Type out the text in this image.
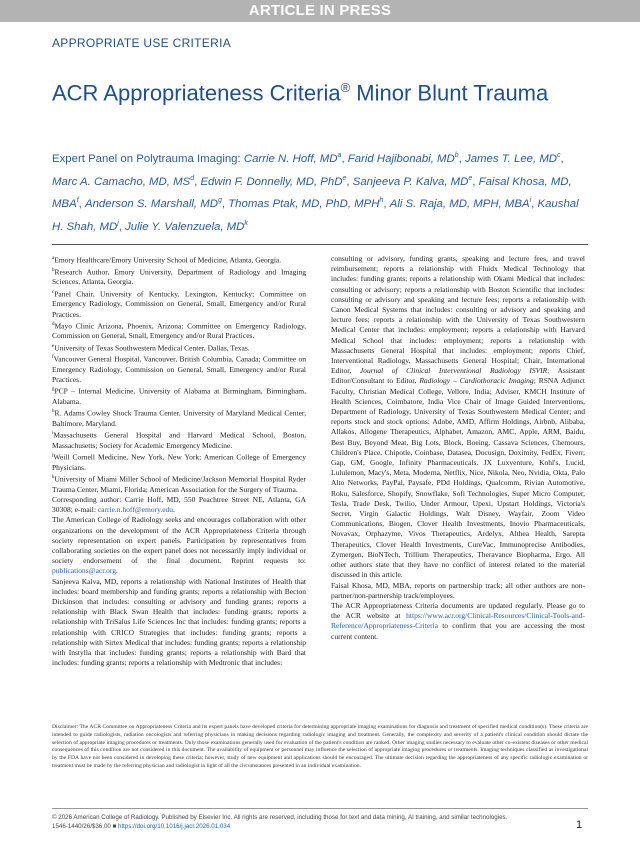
ARTICLE IN PRESS
APPROPRIATE USE CRITERIA
ACR Appropriateness Criteria® Minor Blunt Trauma
Expert Panel on Polytrauma Imaging: Carrie N. Hoff, $MD^a$, Farid Hajibonabi, $MD^b$, James T. Lee, $MD^c$, Marc A. Camacho, MD, $MS^d$, Edwin F. Donnelly, MD, PhD$^e$, Sanjeeva P. Kalva, MDe, Faisal Khosa, MD, MBA$^f$, Anderson S. Marshall, $MD^g$, Thomas Ptak, MD, PhD, MPH$^h$, Ali S. Raja, MD, MPH, MBA$^i$, Kaushal H. Shah, $MD^j$, Julie Y. Valenzuela, $MD^k$

$^a$Emory Healthcare/Emory University School of Medicine, Atlanta, Georgia.

$^b$Research Author, Emory University, Department of Radiology and Imaging Sciences, Atlanta, Georgia.

$^c$Panel Chair, University of Kentucky, Lexington, Kentucky; Committee on Emergency Radiology, Commission on General, Small, Emergency and/or Rural Practices.

$^d$Mayo Clinic Arizona, Phoenix, Arizona; Committee on Emergency Radiology, Commission on General, Small, Emergency and/or Rural Practices.

$^e$University of Texas Southwestern Medical Center, Dallas, Texas.

$^f$Vancouver General Hospital, Vancouver, British Columbia, Canada; Committee on Emergency Radiology, Commission on General, Small, Emergency and/or Rural Practices.

$^g$PCP – Internal Medicine, University of Alabama at Birmingham, Birmingham, Alabama.

$^h$R. Adams Cowley Shock Trauma Center, University of Maryland Medical Center, Baltimore, Maryland.

$^i$Massachusetts General Hospital and Harvard Medical School, Boston, Massachusetts; Society for Academic Emergency Medicine.

$^j$Weill Cornell Medicine, New York, New York; American College of Emergency Physicians.

$^k$University of Miami Miller School of Medicine/Jackson Memorial Hospital Ryder Trauma Center, Miami, Florida; American Association for the Surgery of Trauma.

Corresponding author: Carrie Hoff, MD, 550 Peachtree Street NE, Atlanta, GA 30308; e-mail: carrie.n.hoff@emory.edu.

The American College of Radiology seeks and encourages collaboration with other organizations on the development of the ACR Appropriateness Criteria through society representation on expert panels. Participation by representatives from collaborating societies on the expert panel does not necessarily imply individual or society endorsement of the final document. Reprint requests to: publications@acr.org.

Sanjeeva Kalva, MD, reports a relationship with National Institutes of Health that includes: board membership and funding grants; reports a relationship with Becton Dickinson that includes: consulting or advisory and funding grants; reports a relationship with Black Swan Health that includes: funding grants; reports a relationship with TriSalus Life Sciences Inc that includes: funding grants; reports a relationship with CRICO Strategies that includes: funding grants; reports a relationship with Sirtex Medical that includes: funding grants; reports a relationship with Instylla that includes: funding grants; reports a relationship with Bard that includes: funding grants; reports a relationship with Medtronic that includes:

consulting or advisory, funding grants, speaking and lecture fees, and travel reimbursement; reports a relationship with Fluidx Medical Technology that includes: funding grants; reports a relationship with Okami Medical that includes: consulting or advisory; reports a relationship with Boston Scientific that includes: consulting or advisory and speaking and lecture fees; reports a relationship with Canon Medical Systems that includes: consulting or advisory and speaking and lecture fees; reports a relationship with the University of Texas Southwestern Medical Center that includes: employment; reports a relationship with Harvard Medical School that includes: employment; reports a relationship with Massachusetts General Hospital that includes: employment; reports Chief, Interventional Radiology, Massachusetts General Hospital; Chair, International Editor, Journal of Clinical Interventional Radiology ISVIR; Assistant Editor/Consultant to Editor, Radiology – Cardiothoracic Imaging; RSNA Adjunct Faculty, Christian Medical College, Vellore, India; Adviser, KMCH Institute of Health Sciences, Coimbatore, India Vice Chair of Image Guided Interventions, Department of Radiology, University of Texas Southwestern Medical Center; and reports stock and stock options: Adobe, AMD, Affirm Holdings, Airbnb, Alibaba, Allakos, Allogene Therapeutics, Alphabet, Amazon, AMC, Apple, ARM, Baidu, Best Buy, Beyond Meat, Big Lots, Block, Boeing, Cassava Sciences, Chemours, Children's Place, Chipotle, Coinbase, Datasea, Docusign, Doximity, FedEx, Fiverr, Gap, GM, Google, Infinity Pharmaceuticals, JX Luxventure, Kohl's, Lucid, Lululemon, Macy's, Meta, Moderna, Netflix, Nice, Nikola, Neo, Nvidia, Okta, Palo Alto Networks, PayPal, Paysafe, PDd Holdings, Qualcomm, Rivian Automotive, Roku, Salesforce, Shopify, Snowflake, Sofi Technologies, Super Micro Computer, Tesla, Trade Desk, Twilio, Under Armour, Upexi, Upstart Holdings, Victoria's Secret, Virgin Galactic Holdings, Walt Disney, Wayfair, Zoom Video Communications, Biogen, Clover Health Investments, Inovio Pharmaceuticals, Novavax, Orphazyme, Vivos Therapeutics, Ardelyx, Althea Health, Sarepta Therapeutics, Clover Health Investments, CureVac, Immunoprecise Antibodies, Zymergen, BioNTech, Trillium Therapeutics, Theravance Biopharma, Ergo. All other authors state that they have no conflict of interest related to the material discussed in this article.

Faisal Khosa, MD, MBA, reports on partnership track; all other authors are non-partner/non-partnership track/employees.

The ACR Appropriateness Criteria documents are updated regularly. Please go to the ACR website at https://www.acr.org/Clinical-Resources/Clinical-Tools-and-Reference/Appropriateness-Criteria to confirm that you are accessing the most current content.

Disclaimer: The ACR Committee on Appropriateness Criteria and its expert panels have developed criteria for determining appropriate imaging examinations for diagnosis and treatment of specified medical condition(s). These criteria are intended to guide radiologists, radiation oncologists and referring physicians in making decisions regarding radiologic imaging and treatment. Generally, the complexity and severity of a patient's clinical condition should dictate the selection of appropriate imaging procedures or treatments. Only those examinations generally used for evaluation of the patient's condition are ranked. Other imaging studies necessary to evaluate other co-existent diseases or other medical consequences of this condition are not considered in this document. The availability of equipment or personnel may influence the selection of appropriate imaging procedures or treatments. Imaging techniques classified as investigational by the FDA have not been considered in developing these criteria; however, study of new equipment and applications should be encouraged. The ultimate decision regarding the appropriateness of any specific radiologic examination or treatment must be made by the referring physician and radiologist in light of all the circumstances presented in an individual examination.
© 2026 American College of Radiology. Published by Elsevier Inc. All rights are reserved, including those for text and data mining, AI training, and similar technologies.
1546-1440/26/$36.00 ■ https://doi.org/10.1016/j.jacr.2026.01.034	1
